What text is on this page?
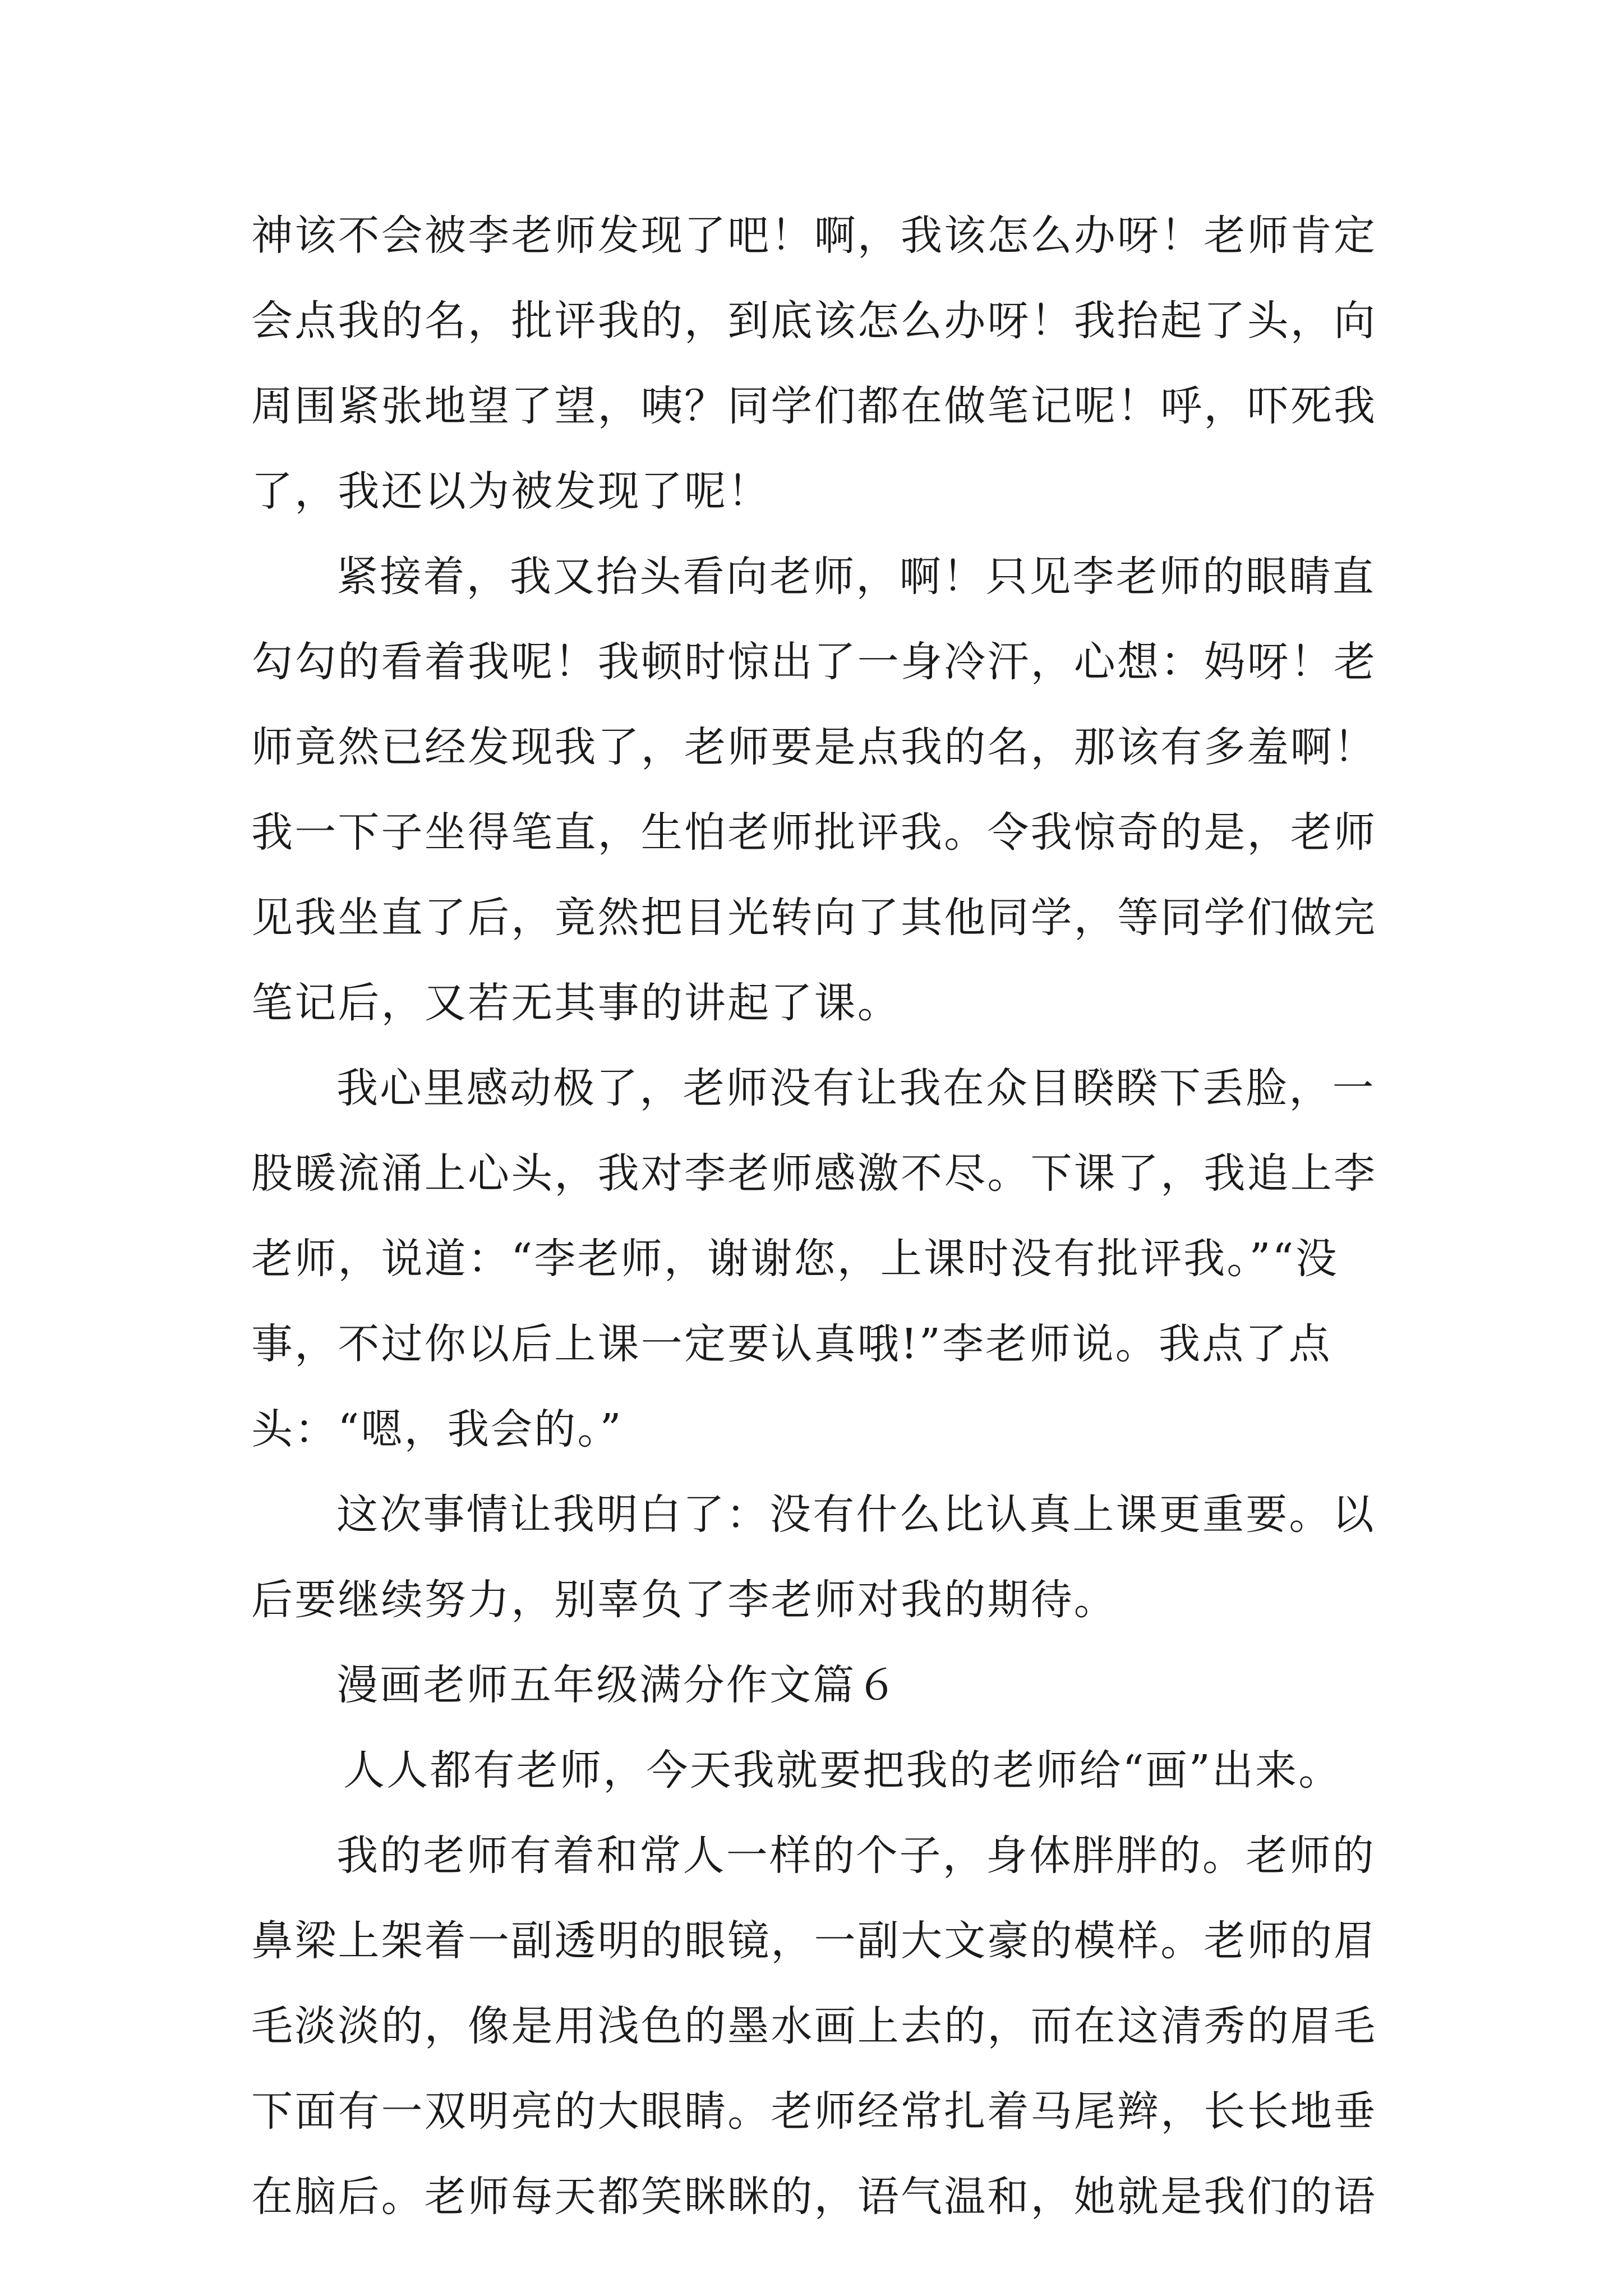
神该不会被李老师发现了吧！啊，我该怎么办呀！老师肯定
会点我的名，批评我的，到底该怎么办呀！我抬起了头，向
周围紧张地望了望，咦？同学们都在做笔记呢！呼，吓死我
了，我还以为被发现了呢！
紧接着，我又抬头看向老师，啊！只见李老师的眼睛直
勾勾的看着我呢！我顿时惊出了一身冷汗，心想：妈呀！老
师竟然已经发现我了，老师要是点我的名，那该有多羞啊！
我一下子坐得笔直，生怕老师批评我。令我惊奇的是，老师
见我坐直了后，竟然把目光转向了其他同学，等同学们做完
笔记后，又若无其事的讲起了课。
我心里感动极了，老师没有让我在众目睽睽下丢脸，一
股暖流涌上心头，我对李老师感激不尽。下课了，我追上李
老师，说道：“李老师，谢谢您，上课时没有批评我。”“没
事，不过你以后上课一定要认真哦!”李老师说。我点了点
头：“嗯，我会的。”
这次事情让我明白了：没有什么比认真上课更重要。以
后要继续努力，别辜负了李老师对我的期待。
漫画老师五年级满分作文篇６
人人都有老师，今天我就要把我的老师给“画”出来。
我的老师有着和常人一样的个子，身体胖胖的。老师的
鼻梁上架着一副透明的眼镜，一副大文豪的模样。老师的眉
毛淡淡的，像是用浅色的墨水画上去的，而在这清秀的眉毛
下面有一双明亮的大眼睛。老师经常扎着马尾辫，长长地垂
在脑后。老师每天都笑眯眯的，语气温和，她就是我们的语
